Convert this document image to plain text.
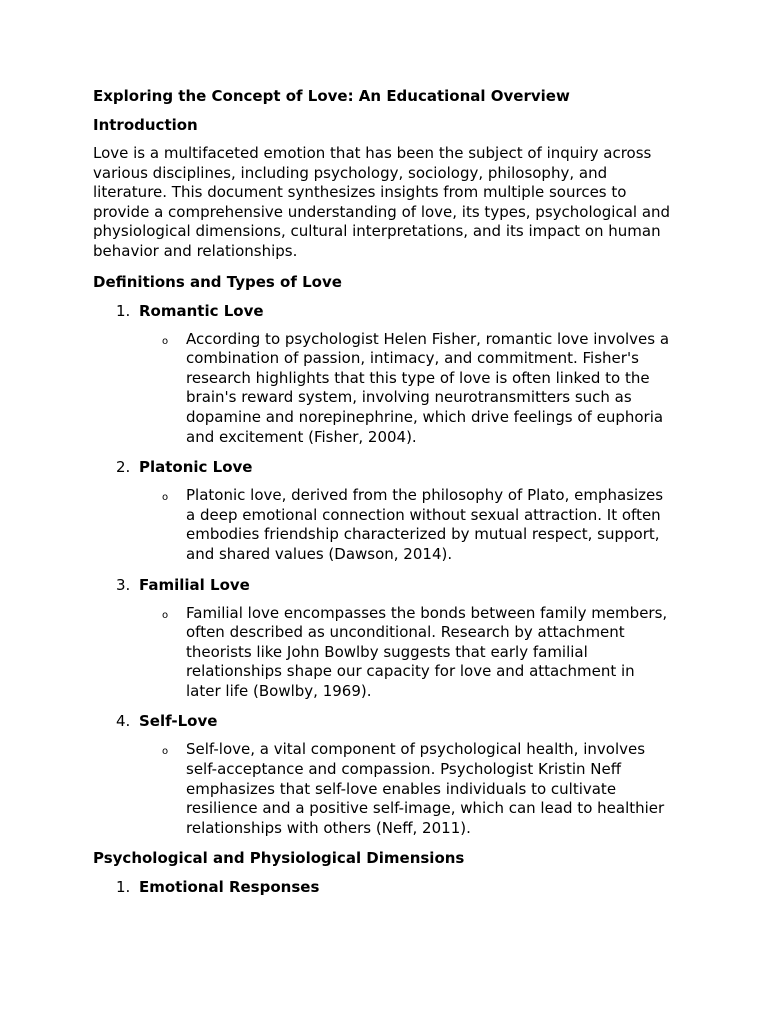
Exploring the Concept of Love: An Educational Overview
Introduction
Love is a multifaceted emotion that has been the subject of inquiry across various disciplines, including psychology, sociology, philosophy, and literature. This document synthesizes insights from multiple sources to provide a comprehensive understanding of love, its types, psychological and physiological dimensions, cultural interpretations, and its impact on human behavior and relationships.
Definitions and Types of Love
1. Romantic Love
o	According to psychologist Helen Fisher, romantic love involves a combination of passion, intimacy, and commitment. Fisher's research highlights that this type of love is often linked to the brain's reward system, involving neurotransmitters such as dopamine and norepinephrine, which drive feelings of euphoria and excitement (Fisher, 2004).
2. Platonic Love
o	Platonic love, derived from the philosophy of Plato, emphasizes a deep emotional connection without sexual attraction. It often embodies friendship characterized by mutual respect, support, and shared values (Dawson, 2014).
3. Familial Love
o	Familial love encompasses the bonds between family members, often described as unconditional. Research by attachment theorists like John Bowlby suggests that early familial relationships shape our capacity for love and attachment in later life (Bowlby, 1969).
4. Self-Love
o	Self-love, a vital component of psychological health, involves self-acceptance and compassion. Psychologist Kristin Neff emphasizes that self-love enables individuals to cultivate resilience and a positive self-image, which can lead to healthier relationships with others (Neff, 2011).
Psychological and Physiological Dimensions
1. Emotional Responses
